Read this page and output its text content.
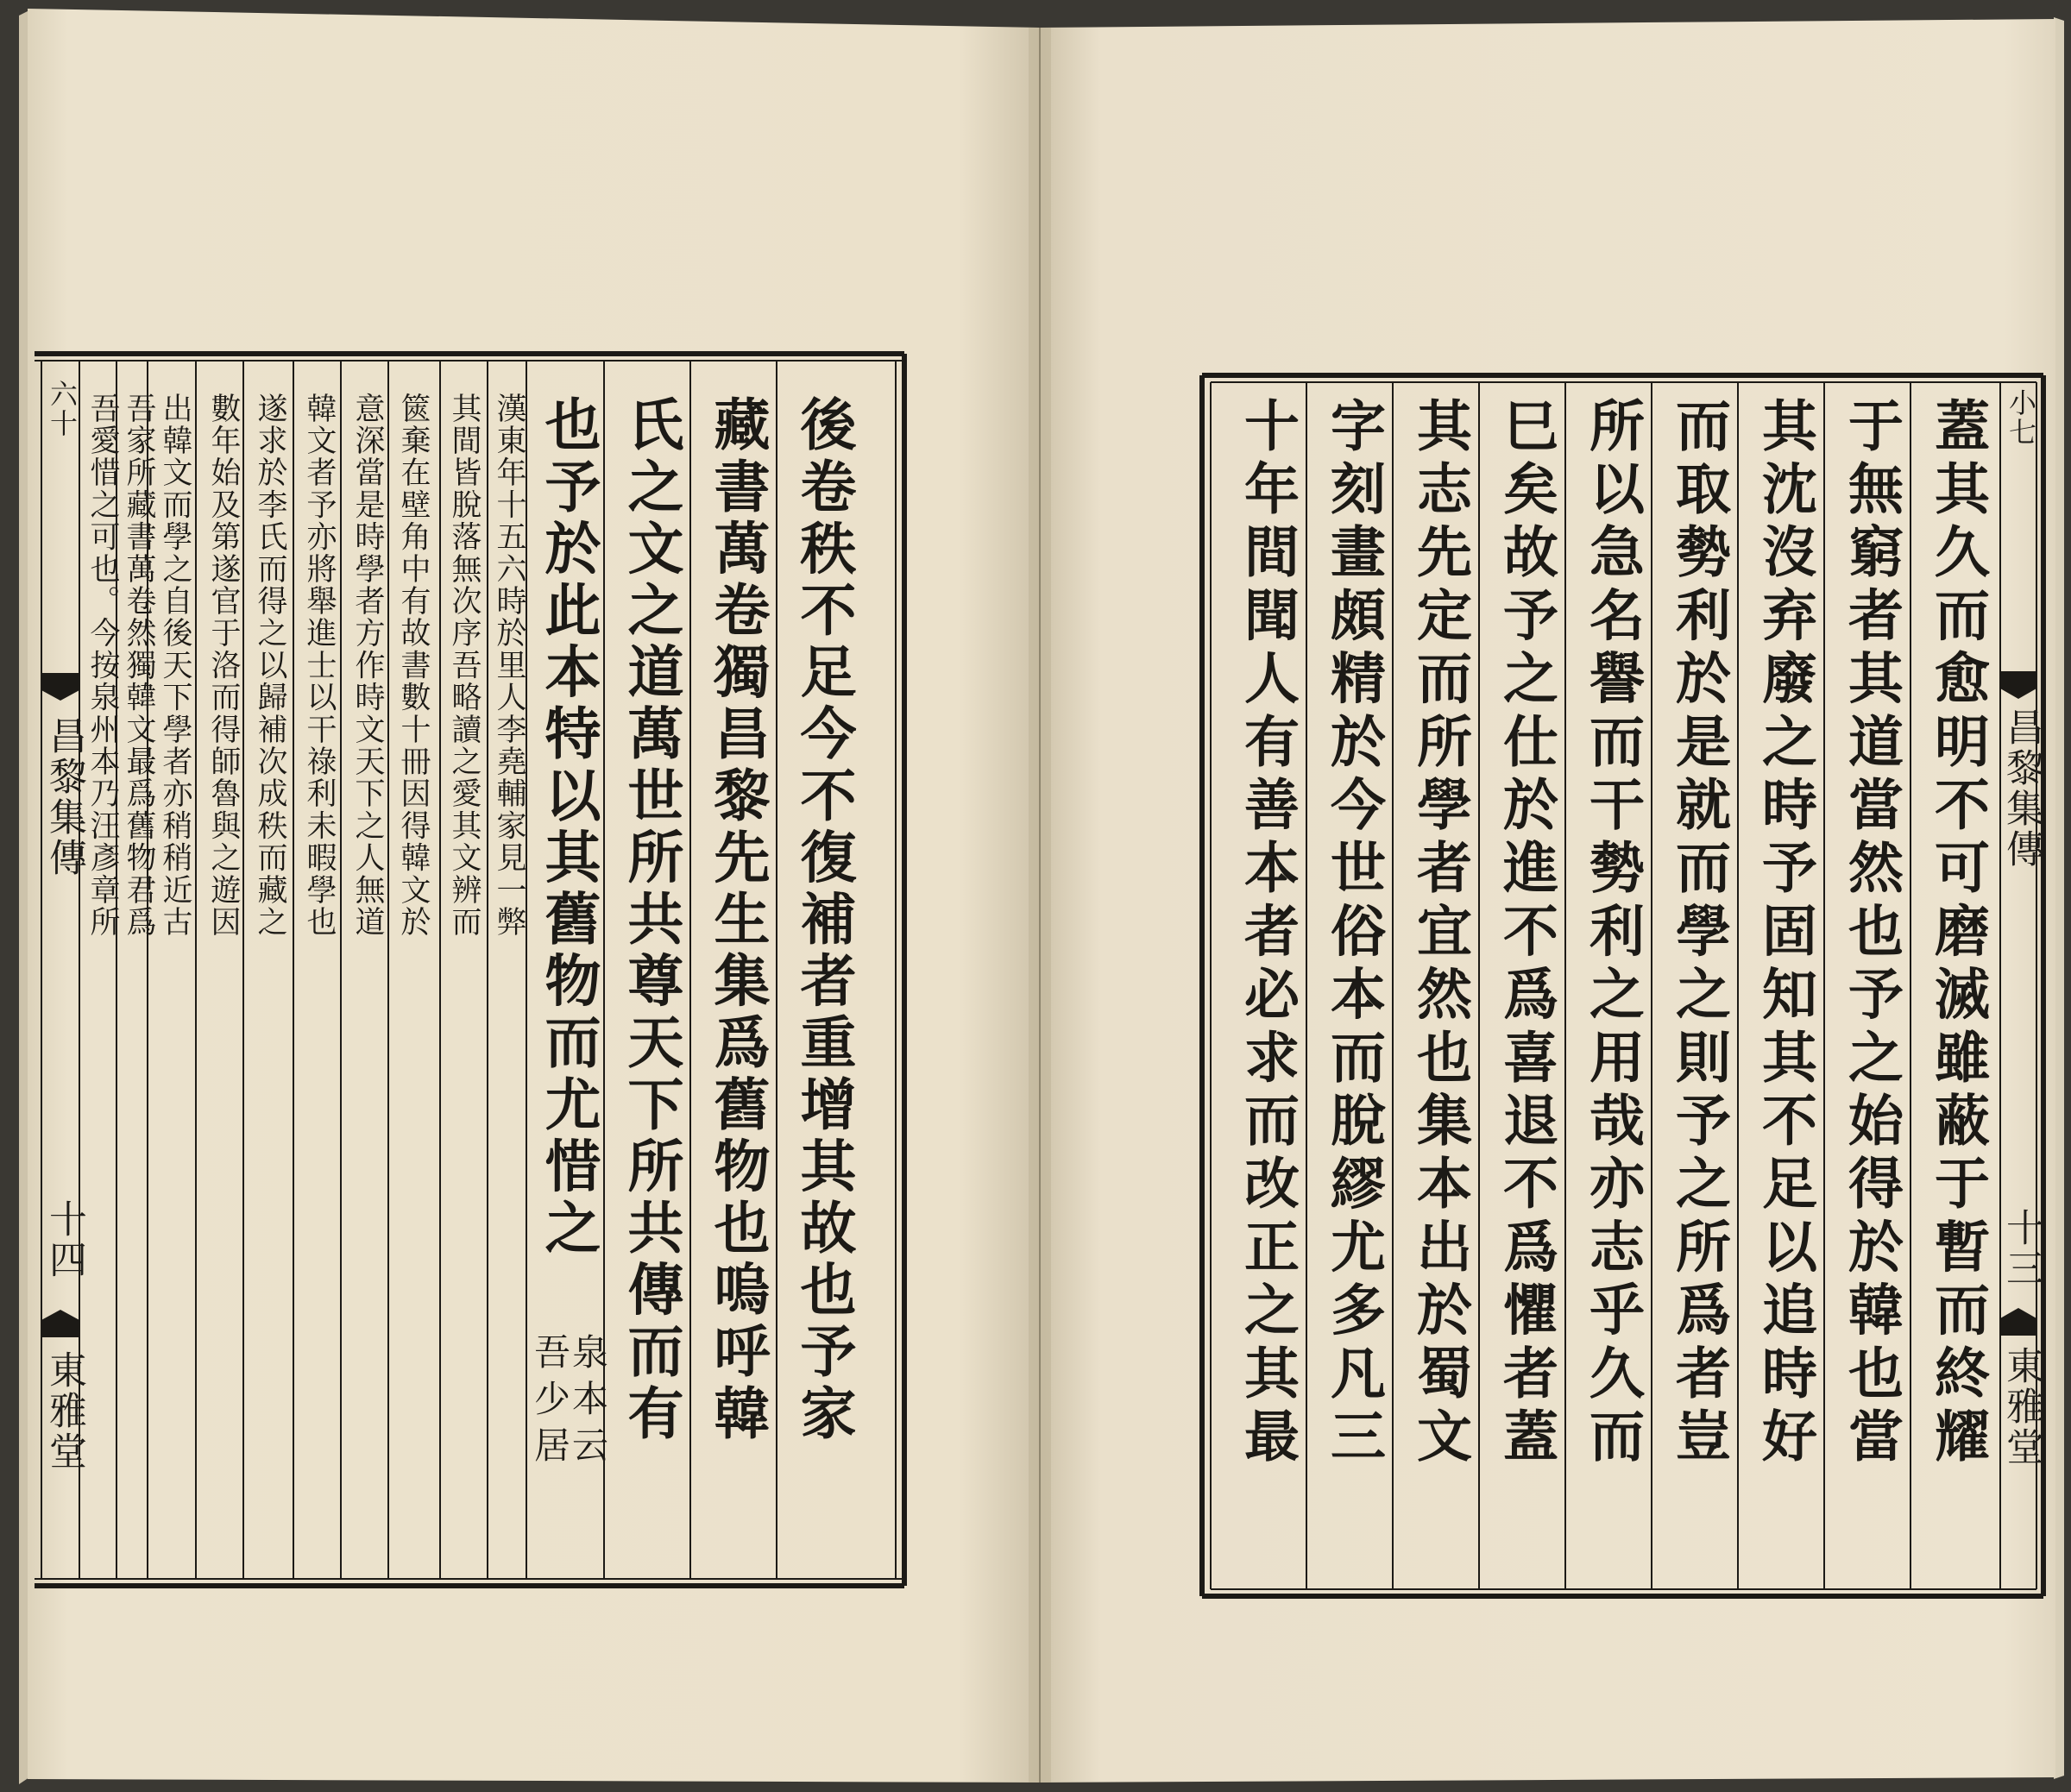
後卷秩不足今不復補者重增其故也予家
藏書萬卷獨昌黎先生集爲舊物也嗚呼韓
氏之文之道萬世所共尊天下所共傳而有
也予於此本特以其舊物而尤惜之
泉本云
吾少居
漢東年十五六時於里人李堯輔家見一弊
其間皆脫落無次序吾略讀之愛其文辨而
篋棄在壁角中有故書數十冊因得韓文於
意深當是時學者方作時文天下之人無道
韓文者予亦將舉進士以干祿利未暇學也
遂求於李氏而得之以歸補次成秩而藏之
數年始及第遂官于洛而得師魯與之遊因
出韓文而學之自後天下學者亦稍稍近古
吾家所藏書萬卷然獨韓文最爲舊物君爲
吾愛惜之可也。今按泉州本乃汪彥章所
六十
昌黎集傳
十四
東雅堂	蓋其久而愈明不可磨滅雖蔽于暫而終耀
于無窮者其道當然也予之始得於韓也當
其沈沒弃廢之時予固知其不足以追時好
而取勢利於是就而學之則予之所爲者豈
所以急名譽而干勢利之用哉亦志乎久而
巳矣故予之仕於進不爲喜退不爲懼者蓋
其志先定而所學者宜然也集本出於蜀文
字刻畫頗精於今世俗本而脫繆尤多凡三
十年間聞人有善本者必求而改正之其最	小七
昌黎集傳
十三
東雅堂
